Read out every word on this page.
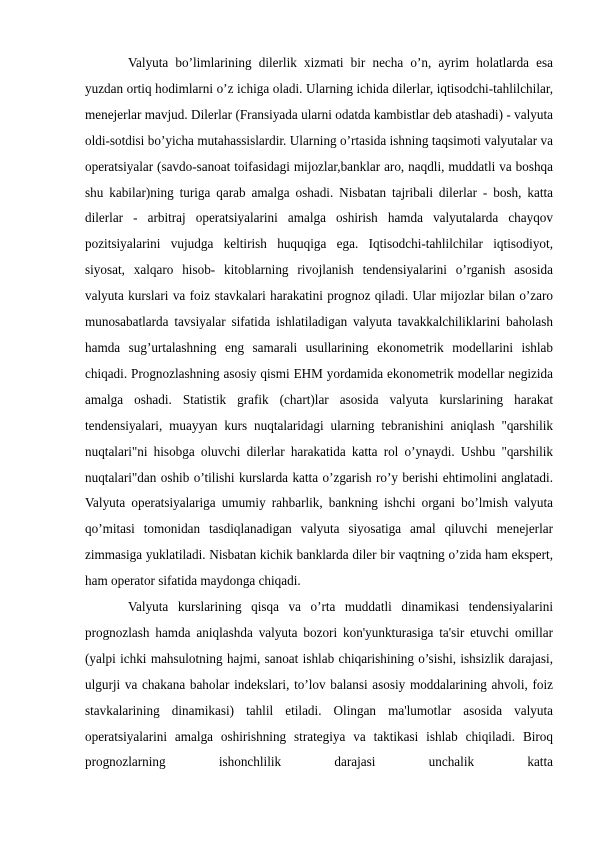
Valyuta bo’limlarining dilerlik xizmati bir necha o’n, ayrim holatlarda esa yuzdan ortiq hodimlarni o’z ichiga oladi. Ularning ichida dilerlar, iqtisodchi-tahlilchilar, menejerlar mavjud. Dilerlar (Fransiyada ularni odatda kambistlar deb atashadi) - valyuta oldi-sotdisi bo’yicha mutahassislardir. Ularning o’rtasida ishning taqsimoti valyutalar va operatsiyalar (savdo-sanoat toifasidagi mijozlar,banklar aro, naqdli, muddatli va boshqa shu kabilar)ning turiga qarab amalga oshadi. Nisbatan tajribali dilerlar - bosh, katta dilerlar - arbitraj operatsiyalarini amalga oshirish hamda valyutalarda chayqov pozitsiyalarini vujudga keltirish huquqiga ega. Iqtisodchi-tahlilchilar iqtisodiyot, siyosat, xalqaro hisob- kitoblarning rivojlanish tendensiyalarini o’rganish asosida valyuta kurslari va foiz stavkalari harakatini prognoz qiladi. Ular mijozlar bilan o’zaro munosabatlarda tavsiyalar sifatida ishlatiladigan valyuta tavakkalchiliklarini baholash hamda sug’urtalashning eng samarali usullarining ekonometrik modellarini ishlab chiqadi. Prognozlashning asosiy qismi EHM yordamida ekonometrik modellar negizida amalga oshadi. Statistik grafik (chart)lar asosida valyuta kurslarining harakat tendensiyalari, muayyan kurs nuqtalaridagi ularning tebranishini aniqlash "qarshilik nuqtalari"ni hisobga oluvchi dilerlar harakatida katta rol o’ynaydi. Ushbu "qarshilik nuqtalari"dan oshib o’tilishi kurslarda katta o’zgarish ro’y berishi ehtimolini anglatadi. Valyuta operatsiyalariga umumiy rahbarlik, bankning ishchi organi bo’lmish valyuta qo’mitasi tomonidan tasdiqlanadigan valyuta siyosatiga amal qiluvchi menejerlar zimmasiga yuklatiladi. Nisbatan kichik banklarda diler bir vaqtning o’zida ham ekspert, ham operator sifatida maydonga chiqadi.

Valyuta kurslarining qisqa va o’rta muddatli dinamikasi tendensiyalarini prognozlash hamda aniqlashda valyuta bozori kon'yunkturasiga ta'sir etuvchi omillar (yalpi ichki mahsulotning hajmi, sanoat ishlab chiqarishining o’sishi, ishsizlik darajasi, ulgurji va chakana baholar indekslari, to’lov balansi asosiy moddalarining ahvoli, foiz stavkalarining dinamikasi) tahlil etiladi. Olingan ma'lumotlar asosida valyuta operatsiyalarini amalga oshirishning strategiya va taktikasi ishlab chiqiladi. Biroq prognozlarning ishonchlilik darajasi unchalik katta
